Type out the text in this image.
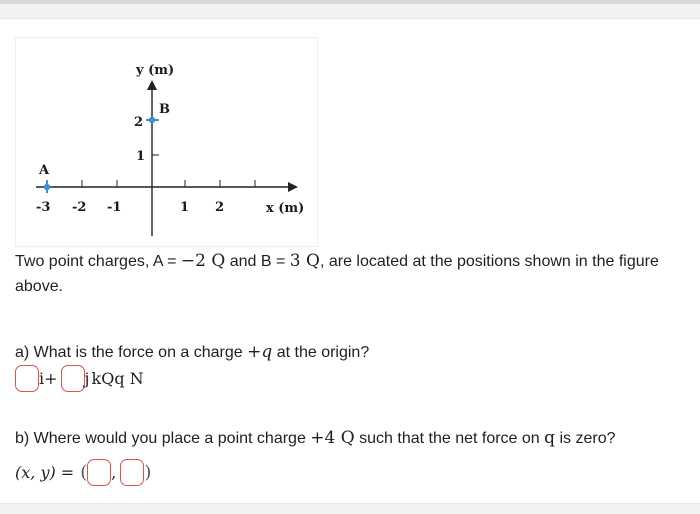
y (m)
x (m)
-3 -2 -1	1 2
1
2
A
B
Two point charges, A = −2 Q and B = 3 Q, are located at the positions shown in the figure above.
a) What is the force on a charge +q at the origin?
i+ j kQq N
b) Where would you place a point charge +4 Q such that the net force on q is zero?
(x, y) = ( , )
